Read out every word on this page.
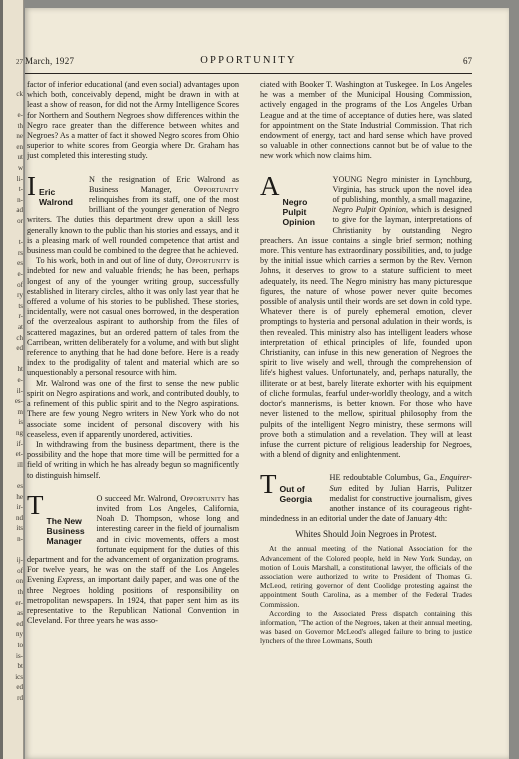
27
ck
e-
th
ne
en
ut
w
li-
t-
n-
ad
or
t-
rs
es
e-
of
ry
ts
r-
at
ch
ed
ht
e-
il-
es-
m
is
ng
if-
et-
ill
es
he
ir-
nd
its
n-
ij-
of
on
th
er-
as
ed
ny
to
is-
bt
ics
ed
rd
March, 1927	OPPORTUNITY	67

factor of inferior educational (and even social) advantages upon which both, conceivably depend, might be drawn in with at least a show of reason, for did not the Army Intelligence Scores for Northern and Southern Negroes show differences within the Negro race greater than the difference between whites and Negroes? As a matter of fact it showed Negro scores from Ohio superior to white scores from Georgia where Dr. Graham has just completed this interesting study.

I Eric Walrond
N the resignation of Eric Walrond as Business Manager, Opportunity relinquishes from its staff, one of the most brilliant of the younger generation of Negro writers. The duties this department drew upon a skill less generally known to the public than his stories and essays, and it is a pleasing mark of well rounded competence that artist and business man could be combined to the degree that he achieved.

To his work, both in and out of line of duty, Opportunity is indebted for new and valuable friends; he has been, perhaps longest of any of the younger writing group, successfully established in literary circles, altho it was only last year that he offered a volume of his stories to be published. These stories, incidentally, were not casual ones borrowed, in the desperation of the overzealous aspirant to authorship from the files of scattered magazines, but an ordered pattern of tales from the Carribean, written deliberately for a volume, and with but slight reference to anything that he had done before. Here is a ready index to the prodigality of talent and material which are so unquestionably a personal resource with him.

Mr. Walrond was one of the first to sense the new public spirit on Negro aspirations and work, and contributed doubly, to a refinement of this public spirit and to the Negro aspirations. There are few young Negro writers in New York who do not associate some incident of personal discovery with his ceaseless, even if apparently unordered, activities.

In withdrawing from the business department, there is the possibility and the hope that more time will be permitted for a field of writing in which he has already begun so magnificently to distinguish himself.

T
The New Business Manager
O succeed Mr. Walrond, Opportunity has invited from Los Angeles, California, Noah D. Thompson, whose long and interesting career in the field of journalism and in civic movements, offers a most fortunate equipment for the duties of this department and for the advancement of organization programs. For twelve years, he was on the staff of the Los Angeles Evening Express, an important daily paper, and was one of the three Negroes holding positions of responsibility on metropolitan newspapers. In 1924, that paper sent him as its representative to the Republican National Convention in Cleveland. For three years he was asso-

ciated with Booker T. Washington at Tuskegee. In Los Angeles he was a member of the Municipal Housing Commission, actively engaged in the programs of the Los Angeles Urban League and at the time of acceptance of duties here, was slated for appointment on the State Industrial Commission. That rich endowment of energy, tact and hard sense which have proved so valuable in other connections cannot but be of value to the new work which now claims him.

A
Negro Pulpit Opinion
YOUNG Negro minister in Lynchburg, Virginia, has struck upon the novel idea of publishing, monthly, a small magazine, Negro Pulpit Opinion, which is designed to give for the layman, interpretations of Christianity by outstanding Negro preachers. An issue contains a single brief sermon; nothing more. This venture has extraordinary possibilities, and, to judge by the initial issue which carries a sermon by the Rev. Vernon Johns, it deserves to grow to a stature sufficient to meet adequately, its need. The Negro ministry has many picturesque figures, the nature of whose power never quite becomes possible of analysis until their words are set down in cold type. Whatever there is of purely ephemeral emotion, clever promptings to hysteria and personal adulation in their words, is then revealed. This ministry also has intelligent leaders whose interpretation of ethical principles of life, founded upon Christianity, can infuse in this new generation of Negroes the spirit to live wisely and well, through the comprehension of life's highest values. Unfortunately, and, perhaps naturally, the illiterate or at best, barely literate exhorter with his equipment of cliche formulas, fearful under-worldly theology, and a witch doctor's mannerisms, is better known. For those who have never listened to the mellow, spiritual philosophy from the pulpits of the intelligent Negro ministry, these sermons will prove both a stimulation and a revelation. They will at least infuse the current picture of religious leadership for Negroes, with a blend of dignity and enlightenment.

T Out of Georgia
HE redoubtable Columbus, Ga., Enquirer-Sun edited by Julian Harris, Pulitzer medalist for constructive journalism, gives another instance of its courageous right-mindedness in an editorial under the date of January 4th:

Whites Should Join Negroes in Protest.

At the annual meeting of the National Association for the Advancement of the Colored people, held in New York Sunday, on motion of Louis Marshall, a constitutional lawyer, the officials of the association were authorized to write to President of Thomas G. McLeod, retiring governor of dent Coolidge protesting against the appointment South Carolina, as a member of the Federal Trades Commission.

According to the Associated Press dispatch containing this information, "The action of the Negroes, taken at their annual meeting, was based on Governor McLeod's alleged failure to bring to justice lynchers of the three Lowmans, South
